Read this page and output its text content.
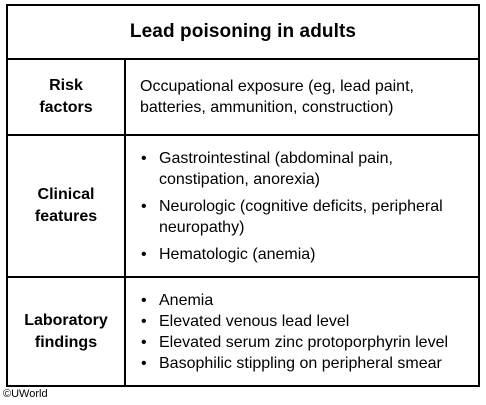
Lead poisoning in adults
Risk
factors

Occupational exposure (eg, lead paint, batteries, ammunition, construction)

Clinical
features
• Gastrointestinal (abdominal pain, constipation, anorexia)
• Neurologic (cognitive deficits, peripheral neuropathy)
• Hematologic (anemia)
Laboratory
findings
• Anemia
• Elevated venous lead level
• Elevated serum zinc protoporphyrin level
• Basophilic stippling on peripheral smear
©UWorld
